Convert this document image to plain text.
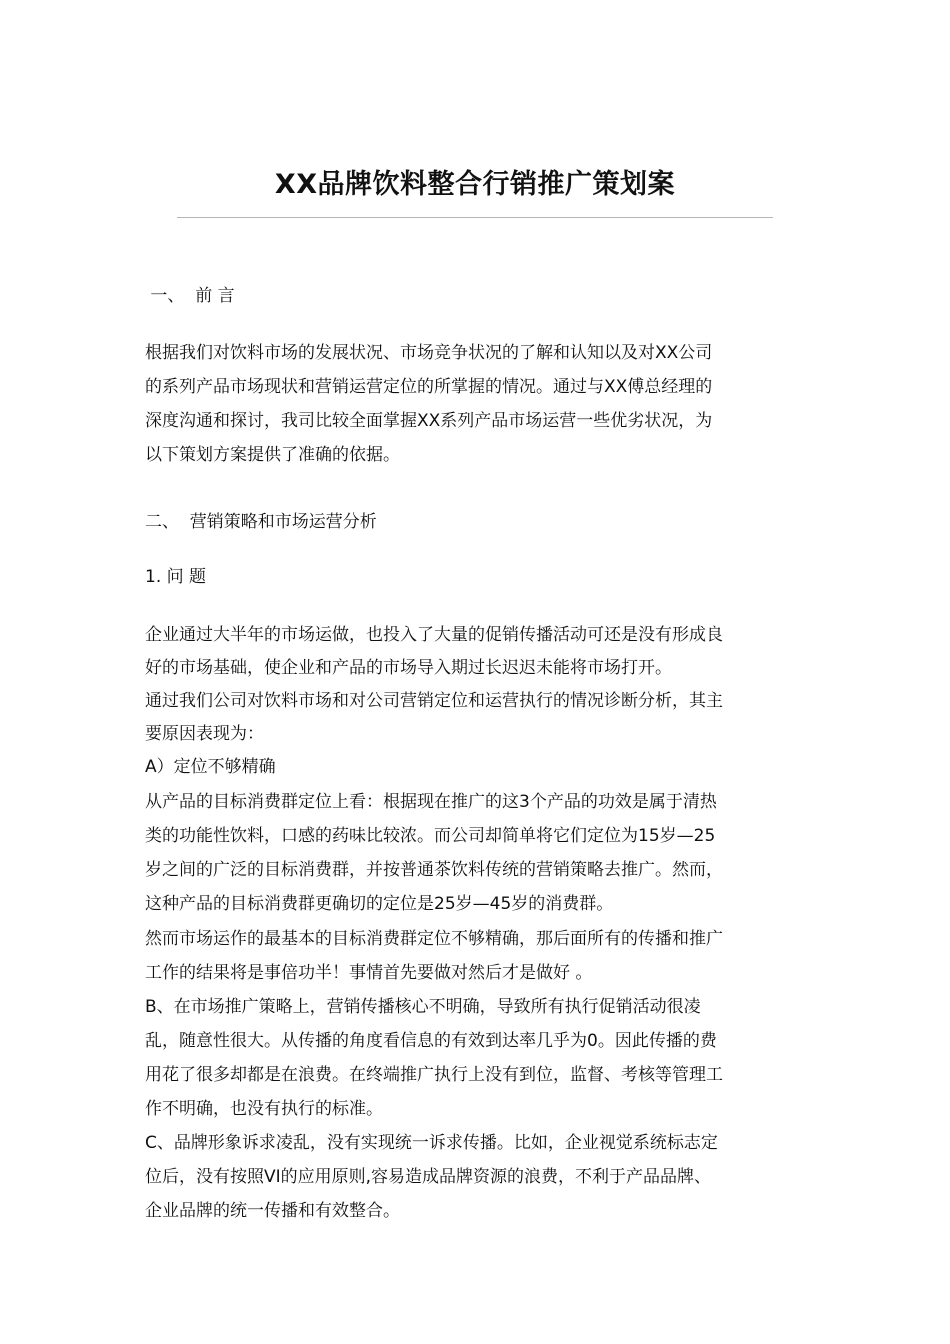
XX品牌饮料整合行销推广策划案
一、  前 言

根据我们对饮料市场的发展状况、市场竞争状况的了解和认知以及对XX公司

的系列产品市场现状和营销运营定位的所掌握的情况。通过与XX傅总经理的

深度沟通和探讨，我司比较全面掌握XX系列产品市场运营一些优劣状况，为

以下策划方案提供了准确的依据。

二、  营销策略和市场运营分析
1. 问 题

企业通过大半年的市场运做，也投入了大量的促销传播活动可还是没有形成良

好的市场基础，使企业和产品的市场导入期过长迟迟未能将市场打开。

通过我们公司对饮料市场和对公司营销定位和运营执行的情况诊断分析，其主

要原因表现为：

A）定位不够精确

从产品的目标消费群定位上看：根据现在推广的这3个产品的功效是属于清热

类的功能性饮料，口感的药味比较浓。而公司却简单将它们定位为15岁—25

岁之间的广泛的目标消费群，并按普通茶饮料传统的营销策略去推广。然而，

这种产品的目标消费群更确切的定位是25岁—45岁的消费群。

然而市场运作的最基本的目标消费群定位不够精确，那后面所有的传播和推广

工作的结果将是事倍功半！事情首先要做对然后才是做好 。

B、在市场推广策略上，营销传播核心不明确，导致所有执行促销活动很凌

乱，随意性很大。从传播的角度看信息的有效到达率几乎为0。因此传播的费

用花了很多却都是在浪费。在终端推广执行上没有到位，监督、考核等管理工

作不明确，也没有执行的标准。

C、品牌形象诉求凌乱，没有实现统一诉求传播。比如，企业视觉系统标志定

位后，没有按照VI的应用原则,容易造成品牌资源的浪费，不利于产品品牌、

企业品牌的统一传播和有效整合。
